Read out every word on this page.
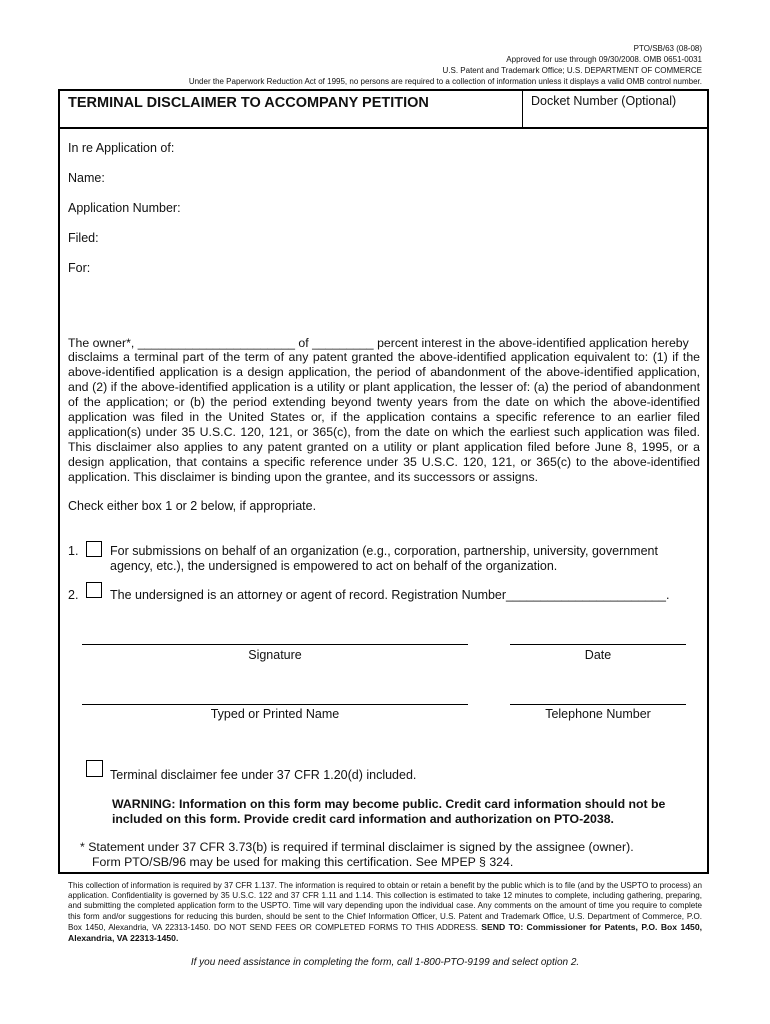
PTO/SB/63 (08-08)
Approved for use through 09/30/2008. OMB 0651-0031
U.S. Patent and Trademark Office; U.S. DEPARTMENT OF COMMERCE
Under the Paperwork Reduction Act of 1995, no persons are required to a collection of information unless it displays a valid OMB control number.
TERMINAL DISCLAIMER TO ACCOMPANY PETITION	Docket Number (Optional)
In re Application of:
Name:
Application Number:
Filed:
For:
The owner*, _______________________ of _________ percent interest in the above-identified application hereby
disclaims a terminal part of the term of any patent granted the above-identified application equivalent to: (1) if the above-identified application is a design application, the period of abandonment of the above-identified application, and (2) if the above-identified application is a utility or plant application, the lesser of: (a) the period of abandonment of the application; or (b) the period extending beyond twenty years from the date on which the above-identified application was filed in the United States or, if the application contains a specific reference to an earlier filed application(s) under 35 U.S.C. 120, 121, or 365(c), from the date on which the earliest such application was filed. This disclaimer also applies to any patent granted on a utility or plant application filed before June 8, 1995, or a design application, that contains a specific reference under 35 U.S.C. 120, 121, or 365(c) to the above-identified application. This disclaimer is binding upon the grantee, and its successors or assigns.
Check either box 1 or 2 below, if appropriate.
1.	For submissions on behalf of an organization (e.g., corporation, partnership, university, government
agency, etc.), the undersigned is empowered to act on behalf of the organization.
2.	The undersigned is an attorney or agent of record. Registration Number_______________________.
Signature	Date
Typed or Printed Name	Telephone Number
Terminal disclaimer fee under 37 CFR 1.20(d) included.
WARNING: Information on this form may become public. Credit card information should not be included on this form. Provide credit card information and authorization on PTO-2038.
* Statement under 37 CFR 3.73(b) is required if terminal disclaimer is signed by the assignee (owner).
Form PTO/SB/96 may be used for making this certification. See MPEP § 324.
This collection of information is required by 37 CFR 1.137. The information is required to obtain or retain a benefit by the public which is to file (and by the USPTO to process) an application. Confidentiality is governed by 35 U.S.C. 122 and 37 CFR 1.11 and 1.14. This collection is estimated to take 12 minutes to complete, including gathering, preparing, and submitting the completed application form to the USPTO. Time will vary depending upon the individual case. Any comments on the amount of time you require to complete this form and/or suggestions for reducing this burden, should be sent to the Chief Information Officer, U.S. Patent and Trademark Office, U.S. Department of Commerce, P.O. Box 1450, Alexandria, VA 22313-1450. DO NOT SEND FEES OR COMPLETED FORMS TO THIS ADDRESS. SEND TO: Commissioner for Patents, P.O. Box 1450, Alexandria, VA 22313-1450.
If you need assistance in completing the form, call 1-800-PTO-9199 and select option 2.
